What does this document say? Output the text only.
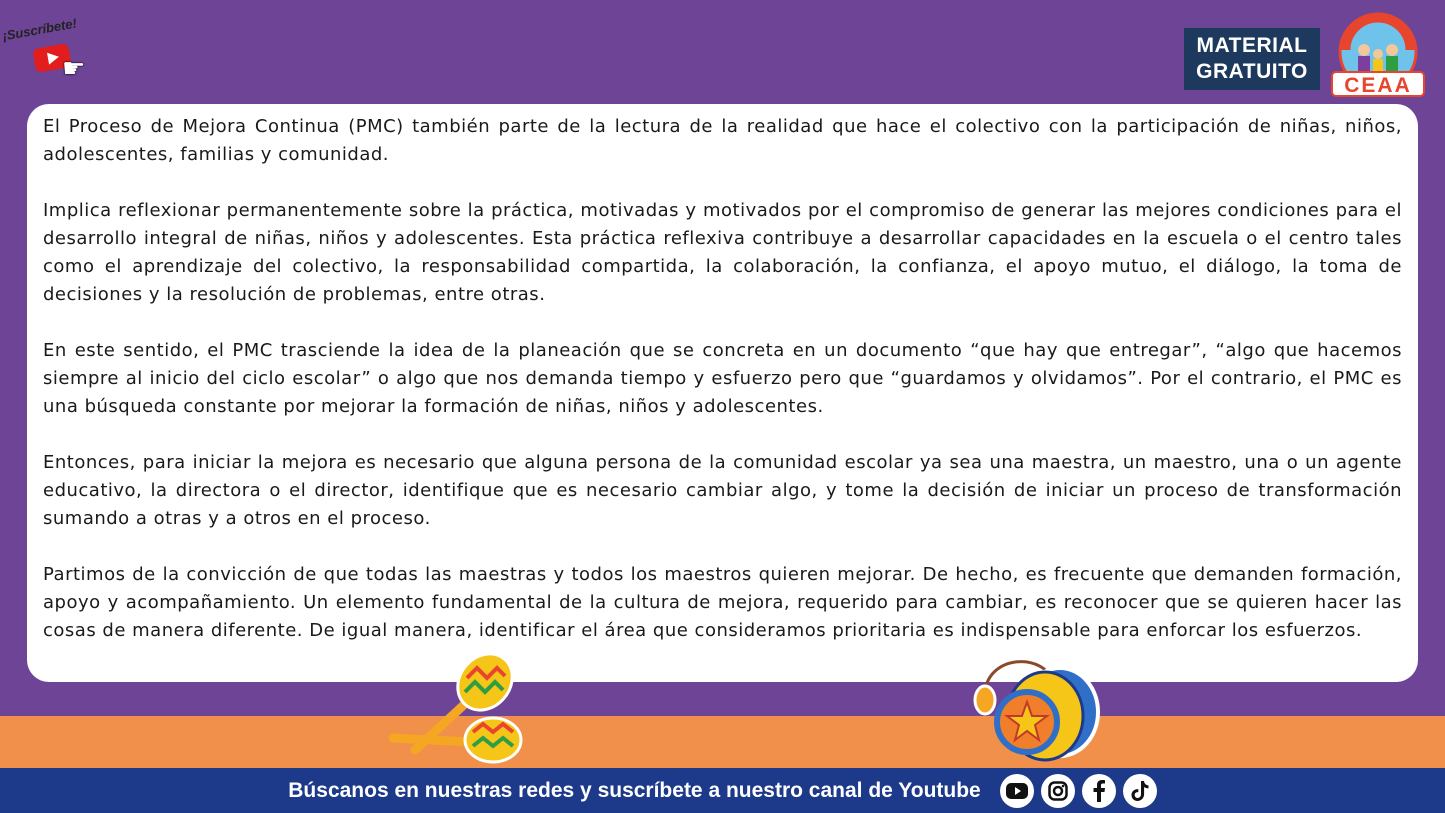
¡Suscríbete!
☛
MATERIAL
GRATUITO
CEAA

El Proceso de Mejora Continua (PMC) también parte de la lectura de la realidad que hace el colectivo con la participación de niñas, niños, adolescentes, familias y comunidad.

Implica reflexionar permanentemente sobre la práctica, motivadas y motivados por el compromiso de generar las mejores condiciones para el desarrollo integral de niñas, niños y adolescentes. Esta práctica reflexiva contribuye a desarrollar capacidades en la escuela o el centro tales como el aprendizaje del colectivo, la responsabilidad compartida, la colaboración, la confianza, el apoyo mutuo, el diálogo, la toma de decisiones y la resolución de problemas, entre otras.

En este sentido, el PMC trasciende la idea de la planeación que se concreta en un documento “que hay que entregar”, “algo que hacemos siempre al inicio del ciclo escolar” o algo que nos demanda tiempo y esfuerzo pero que “guardamos y olvidamos”. Por el contrario, el PMC es una búsqueda constante por mejorar la formación de niñas, niños y adolescentes.

Entonces, para iniciar la mejora es necesario que alguna persona de la comunidad escolar ya sea una maestra, un maestro, una o un agente educativo, la directora o el director, identifique que es necesario cambiar algo, y tome la decisión de iniciar un proceso de transformación sumando a otras y a otros en el proceso.

Partimos de la convicción de que todas las maestras y todos los maestros quieren mejorar. De hecho, es frecuente que demanden formación, apoyo y acompañamiento. Un elemento fundamental de la cultura de mejora, requerido para cambiar, es reconocer que se quieren hacer las cosas de manera diferente. De igual manera, identificar el área que consideramos prioritaria es indispensable para enforcar los esfuerzos.

Búscanos en nuestras redes y suscríbete a nuestro canal de Youtube
